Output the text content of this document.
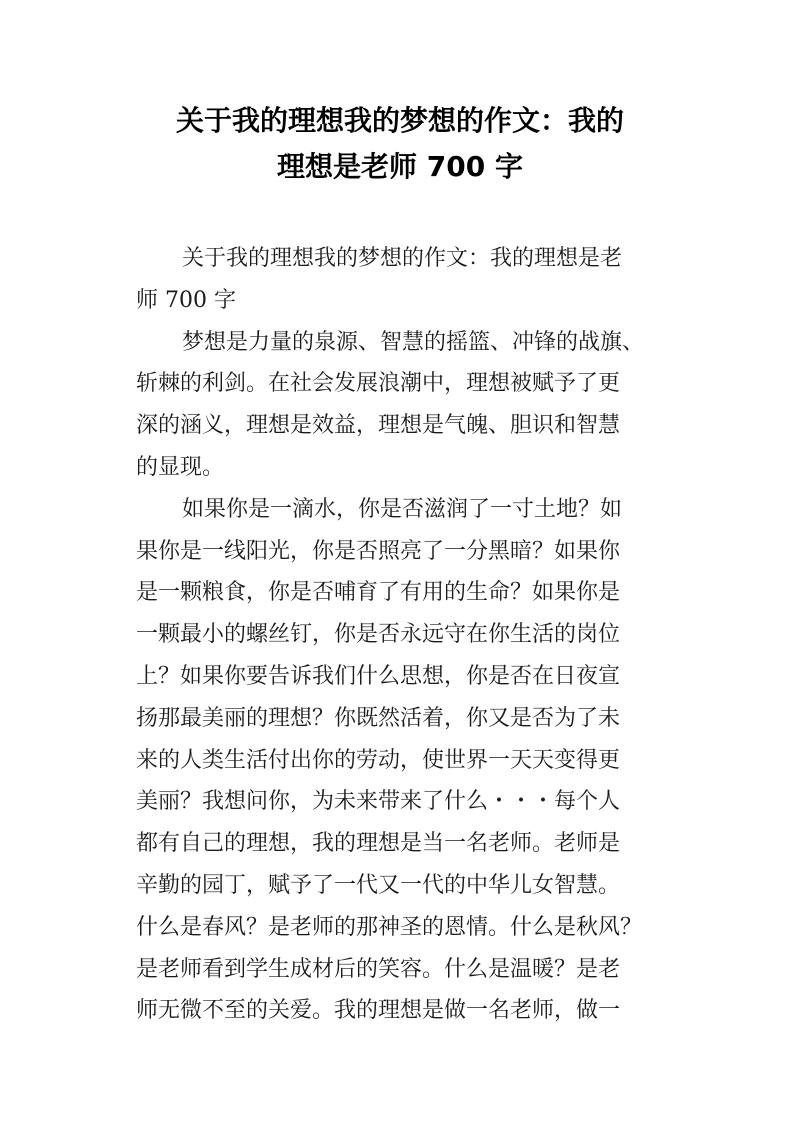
关于我的理想我的梦想的作文：我的
理想是老师 700 字
关于我的理想我的梦想的作文：我的理想是老
师 700 字
梦想是力量的泉源、智慧的摇篮、冲锋的战旗、
斩棘的利剑。在社会发展浪潮中，理想被赋予了更
深的涵义，理想是效益，理想是气魄、胆识和智慧
的显现。
如果你是一滴水，你是否滋润了一寸土地？如
果你是一线阳光，你是否照亮了一分黑暗？如果你
是一颗粮食，你是否哺育了有用的生命？如果你是
一颗最小的螺丝钉，你是否永远守在你生活的岗位
上？如果你要告诉我们什么思想，你是否在日夜宣
扬那最美丽的理想？你既然活着，你又是否为了未
来的人类生活付出你的劳动，使世界一天天变得更
美丽？我想问你，为未来带来了什么・・・每个人
都有自己的理想，我的理想是当一名老师。老师是
辛勤的园丁，赋予了一代又一代的中华儿女智慧。
什么是春风？是老师的那神圣的恩情。什么是秋风？
是老师看到学生成材后的笑容。什么是温暖？是老
师无微不至的关爱。我的理想是做一名老师，做一
